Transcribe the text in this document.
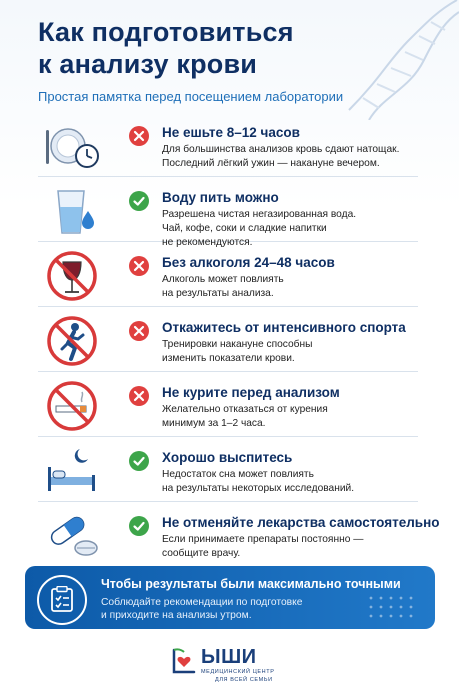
Как подготовиться
к анализу крови
Простая памятка перед посещением лаборатории
Не ешьте 8–12 часов
Для большинства анализов кровь сдают натощак.
Последний лёгкий ужин — накануне вечером.
Воду пить можно
Разрешена чистая негазированная вода.
Чай, кофе, соки и сладкие напитки
не рекомендуются.
Без алкоголя 24–48 часов
Алкоголь может повлиять
на результаты анализа.
Откажитесь от интенсивного спорта
Тренировки накануне способны
изменить показатели крови.
Не курите перед анализом
Желательно отказаться от курения
минимум за 1–2 часа.
Хорошо выспитесь
Недостаток сна может повлиять
на результаты некоторых исследований.
Не отменяйте лекарства самостоятельно
Если принимаете препараты постоянно —
сообщите врачу.
Чтобы результаты были максимально точными
Соблюдайте рекомендации по подготовке
и приходите на анализы утром.
ЫШИ
МЕДИЦИНСКИЙ ЦЕНТР
ДЛЯ ВСЕЙ СЕМЬИ
